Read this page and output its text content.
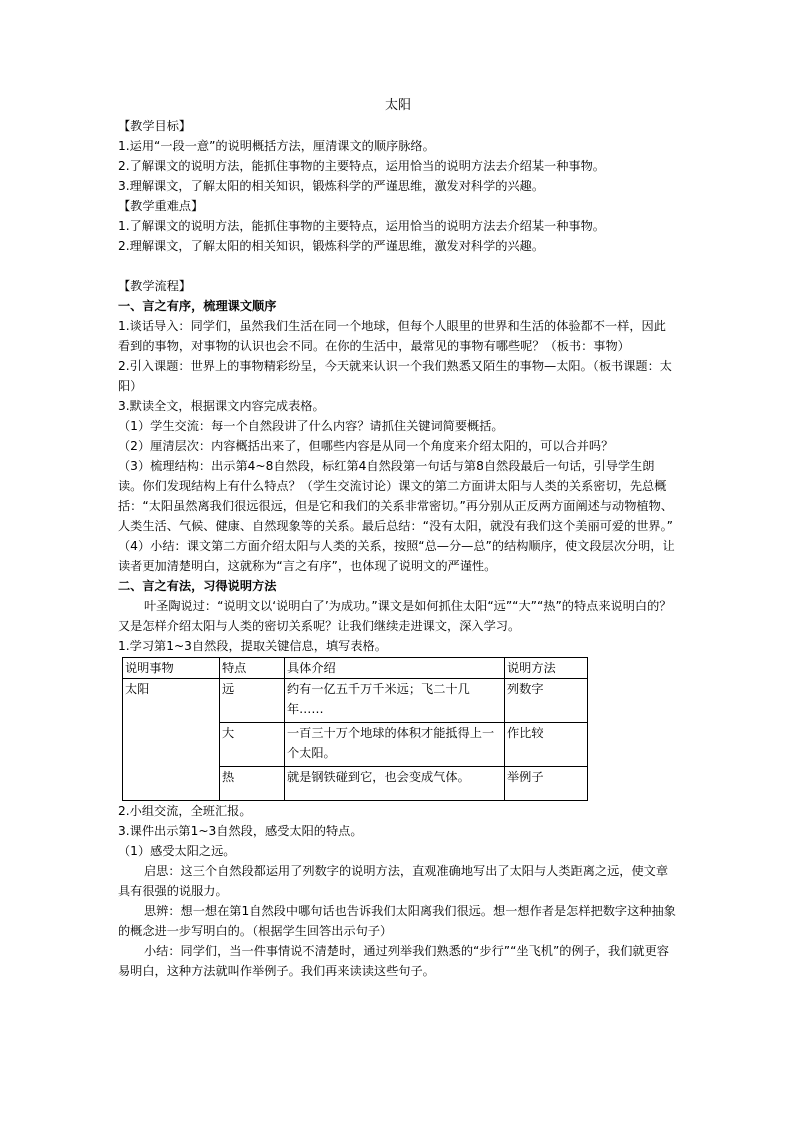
太阳
【教学目标】
1.运用“一段一意”的说明概括方法，厘清课文的顺序脉络。
2.了解课文的说明方法，能抓住事物的主要特点，运用恰当的说明方法去介绍某一种事物。
3.理解课文，了解太阳的相关知识，锻炼科学的严谨思维，激发对科学的兴趣。
【教学重难点】
1.了解课文的说明方法，能抓住事物的主要特点，运用恰当的说明方法去介绍某一种事物。
2.理解课文，了解太阳的相关知识，锻炼科学的严谨思维，激发对科学的兴趣。
【教学流程】
一、言之有序，梳理课文顺序
1.谈话导入：同学们，虽然我们生活在同一个地球，但每个人眼里的世界和生活的体验都不一样，因此看到的事物，对事物的认识也会不同。在你的生活中，最常见的事物有哪些呢？（板书：事物）
2.引入课题：世界上的事物精彩纷呈，今天就来认识一个我们熟悉又陌生的事物—太阳。（板书课题：太阳）
3.默读全文，根据课文内容完成表格。
（1）学生交流：每一个自然段讲了什么内容？请抓住关键词简要概括。
（2）厘清层次：内容概括出来了，但哪些内容是从同一个角度来介绍太阳的，可以合并吗？
（3）梳理结构：出示第4~8自然段，标红第4自然段第一句话与第8自然段最后一句话，引导学生朗读。你们发现结构上有什么特点？（学生交流讨论）课文的第二方面讲太阳与人类的关系密切，先总概括：“太阳虽然离我们很远很远，但是它和我们的关系非常密切。”再分别从正反两方面阐述与动物植物、人类生活、气候、健康、自然现象等的关系。最后总结：“没有太阳，就没有我们这个美丽可爱的世界。”
（4）小结：课文第二方面介绍太阳与人类的关系，按照“总—分—总”的结构顺序，使文段层次分明，让读者更加清楚明白，这就称为“言之有序”，也体现了说明文的严谨性。
二、言之有法，习得说明方法
叶圣陶说过：“说明文以‘说明白了’为成功。”课文是如何抓住太阳“远”“大”“热”的特点来说明白的？又是怎样介绍太阳与人类的密切关系呢？让我们继续走进课文，深入学习。
1.学习第1~3自然段，提取关键信息，填写表格。
说明事物	特点	具体介绍	说明方法
太阳	远	约有一亿五千万千米远；飞二十几年……	列数字
	大	一百三十万个地球的体积才能抵得上一个太阳。	作比较
	热	就是钢铁碰到它，也会变成气体。	举例子
2.小组交流，全班汇报。
3.课件出示第1~3自然段，感受太阳的特点。
（1）感受太阳之远。
启思：这三个自然段都运用了列数字的说明方法，直观准确地写出了太阳与人类距离之远，使文章具有很强的说服力。
思辨：想一想在第1自然段中哪句话也告诉我们太阳离我们很远。想一想作者是怎样把数字这种抽象的概念进一步写明白的。（根据学生回答出示句子）
小结：同学们，当一件事情说不清楚时，通过列举我们熟悉的“步行”“坐飞机”的例子，我们就更容易明白，这种方法就叫作举例子。我们再来读读这些句子。
